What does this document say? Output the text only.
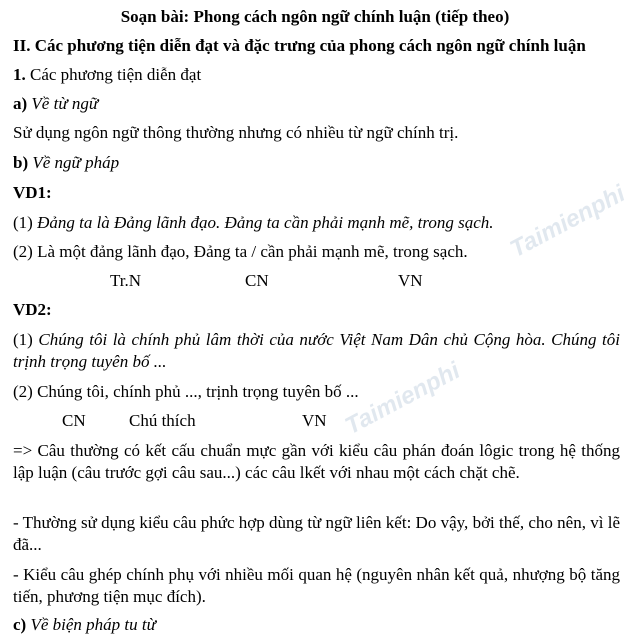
Taimienphi
Taimienphi
Soạn bài: Phong cách ngôn ngữ chính luận (tiếp theo)
II. Các phương tiện diễn đạt và đặc trưng của phong cách ngôn ngữ chính luận
1. Các phương tiện diễn đạt
a) Về từ ngữ
Sử dụng ngôn ngữ thông thường nhưng có nhiều từ ngữ chính trị.
b) Về ngữ pháp
VD1:
(1) Đảng ta là Đảng lãnh đạo. Đảng ta cần phải mạnh mẽ, trong sạch.
(2) Là một đảng lãnh đạo, Đảng ta / cần phải mạnh mẽ, trong sạch.
Tr.N	CN	VN
VD2:
(1) Chúng tôi là chính phủ lâm thời của nước Việt Nam Dân chủ Cộng hòa. Chúng tôi trịnh trọng tuyên bố ...
(2) Chúng tôi, chính phủ ..., trịnh trọng tuyên bố ...
CN	Chú thích	VN
=> Câu thường có kết cấu chuẩn mực gần với kiểu câu phán đoán lôgic trong hệ thống lập luận (câu trước gợi câu sau...) các câu lkết với nhau một cách chặt chẽ.
- Thường sử dụng kiểu câu phức hợp dùng từ ngữ liên kết: Do vậy, bởi thế, cho nên, vì lẽ đã...
- Kiểu câu ghép chính phụ với nhiều mối quan hệ (nguyên nhân kết quả, nhượng bộ tăng tiến, phương tiện mục đích).
c) Về biện pháp tu từ
